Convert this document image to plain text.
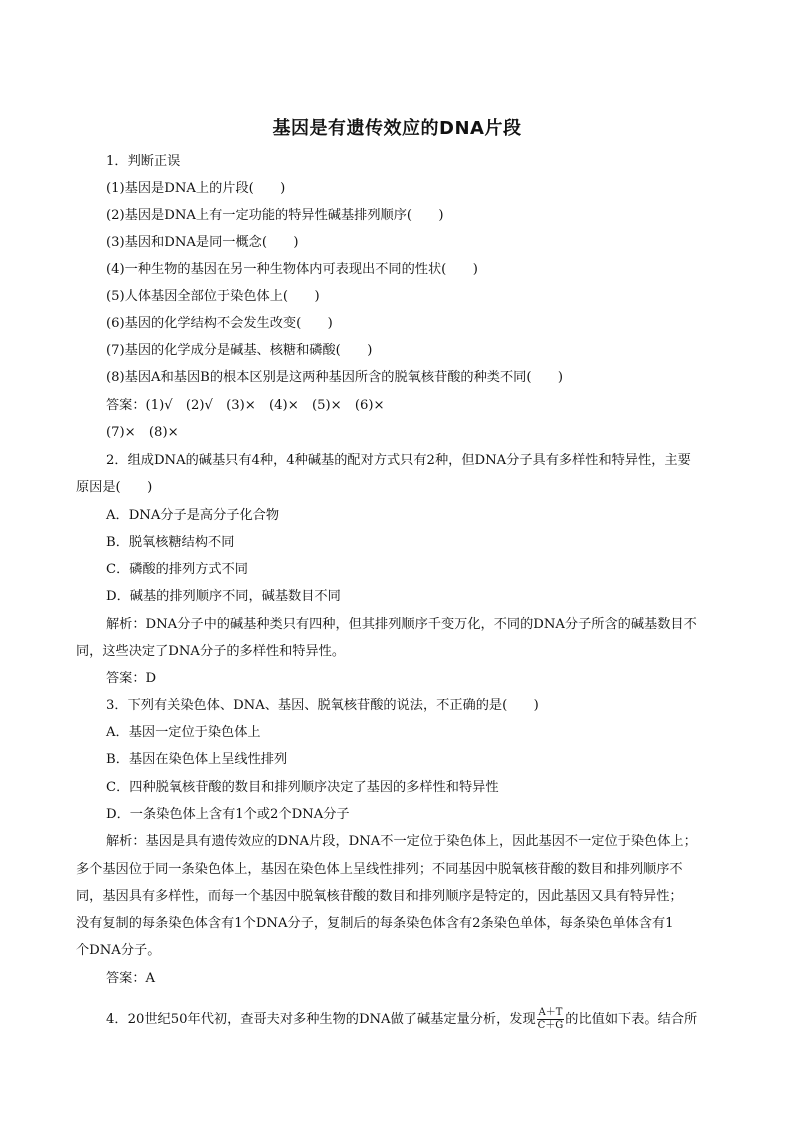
基因是有遗传效应的DNA片段
1．判断正误
(1)基因是DNA上的片段(　　)
(2)基因是DNA上有一定功能的特异性碱基排列顺序(　　)
(3)基因和DNA是同一概念(　　)
(4)一种生物的基因在另一种生物体内可表现出不同的性状(　　)
(5)人体基因全部位于染色体上(　　)
(6)基因的化学结构不会发生改变(　　)
(7)基因的化学成分是碱基、核糖和磷酸(　　)
(8)基因A和基因B的根本区别是这两种基因所含的脱氧核苷酸的种类不同(　　)
答案：(1)√　(2)√　(3)×　(4)×　(5)×　(6)×
(7)×　(8)×
2．组成DNA的碱基只有4种，4种碱基的配对方式只有2种，但DNA分子具有多样性和特异性，主要
原因是(　　)
A．DNA分子是高分子化合物
B．脱氧核糖结构不同
C．磷酸的排列方式不同
D．碱基的排列顺序不同，碱基数目不同
解析：DNA分子中的碱基种类只有四种，但其排列顺序千变万化，不同的DNA分子所含的碱基数目不
同，这些决定了DNA分子的多样性和特异性。
答案：D
3．下列有关染色体、DNA、基因、脱氧核苷酸的说法，不正确的是(　　)
A．基因一定位于染色体上
B．基因在染色体上呈线性排列
C．四种脱氧核苷酸的数目和排列顺序决定了基因的多样性和特异性
D．一条染色体上含有1个或2个DNA分子
解析：基因是具有遗传效应的DNA片段，DNA不一定位于染色体上，因此基因不一定位于染色体上；
多个基因位于同一条染色体上，基因在染色体上呈线性排列；不同基因中脱氧核苷酸的数目和排列顺序不
同，基因具有多样性，而每一个基因中脱氧核苷酸的数目和排列顺序是特定的，因此基因又具有特异性；
没有复制的每条染色体含有1个DNA分子，复制后的每条染色体含有2条染色单体，每条染色单体含有1
个DNA分子。
答案：A
4．20世纪50年代初，查哥夫对多种生物的DNA做了碱基定量分析，发现 $\frac{A+T}{C+G}$ 的比值如下表。结合所
